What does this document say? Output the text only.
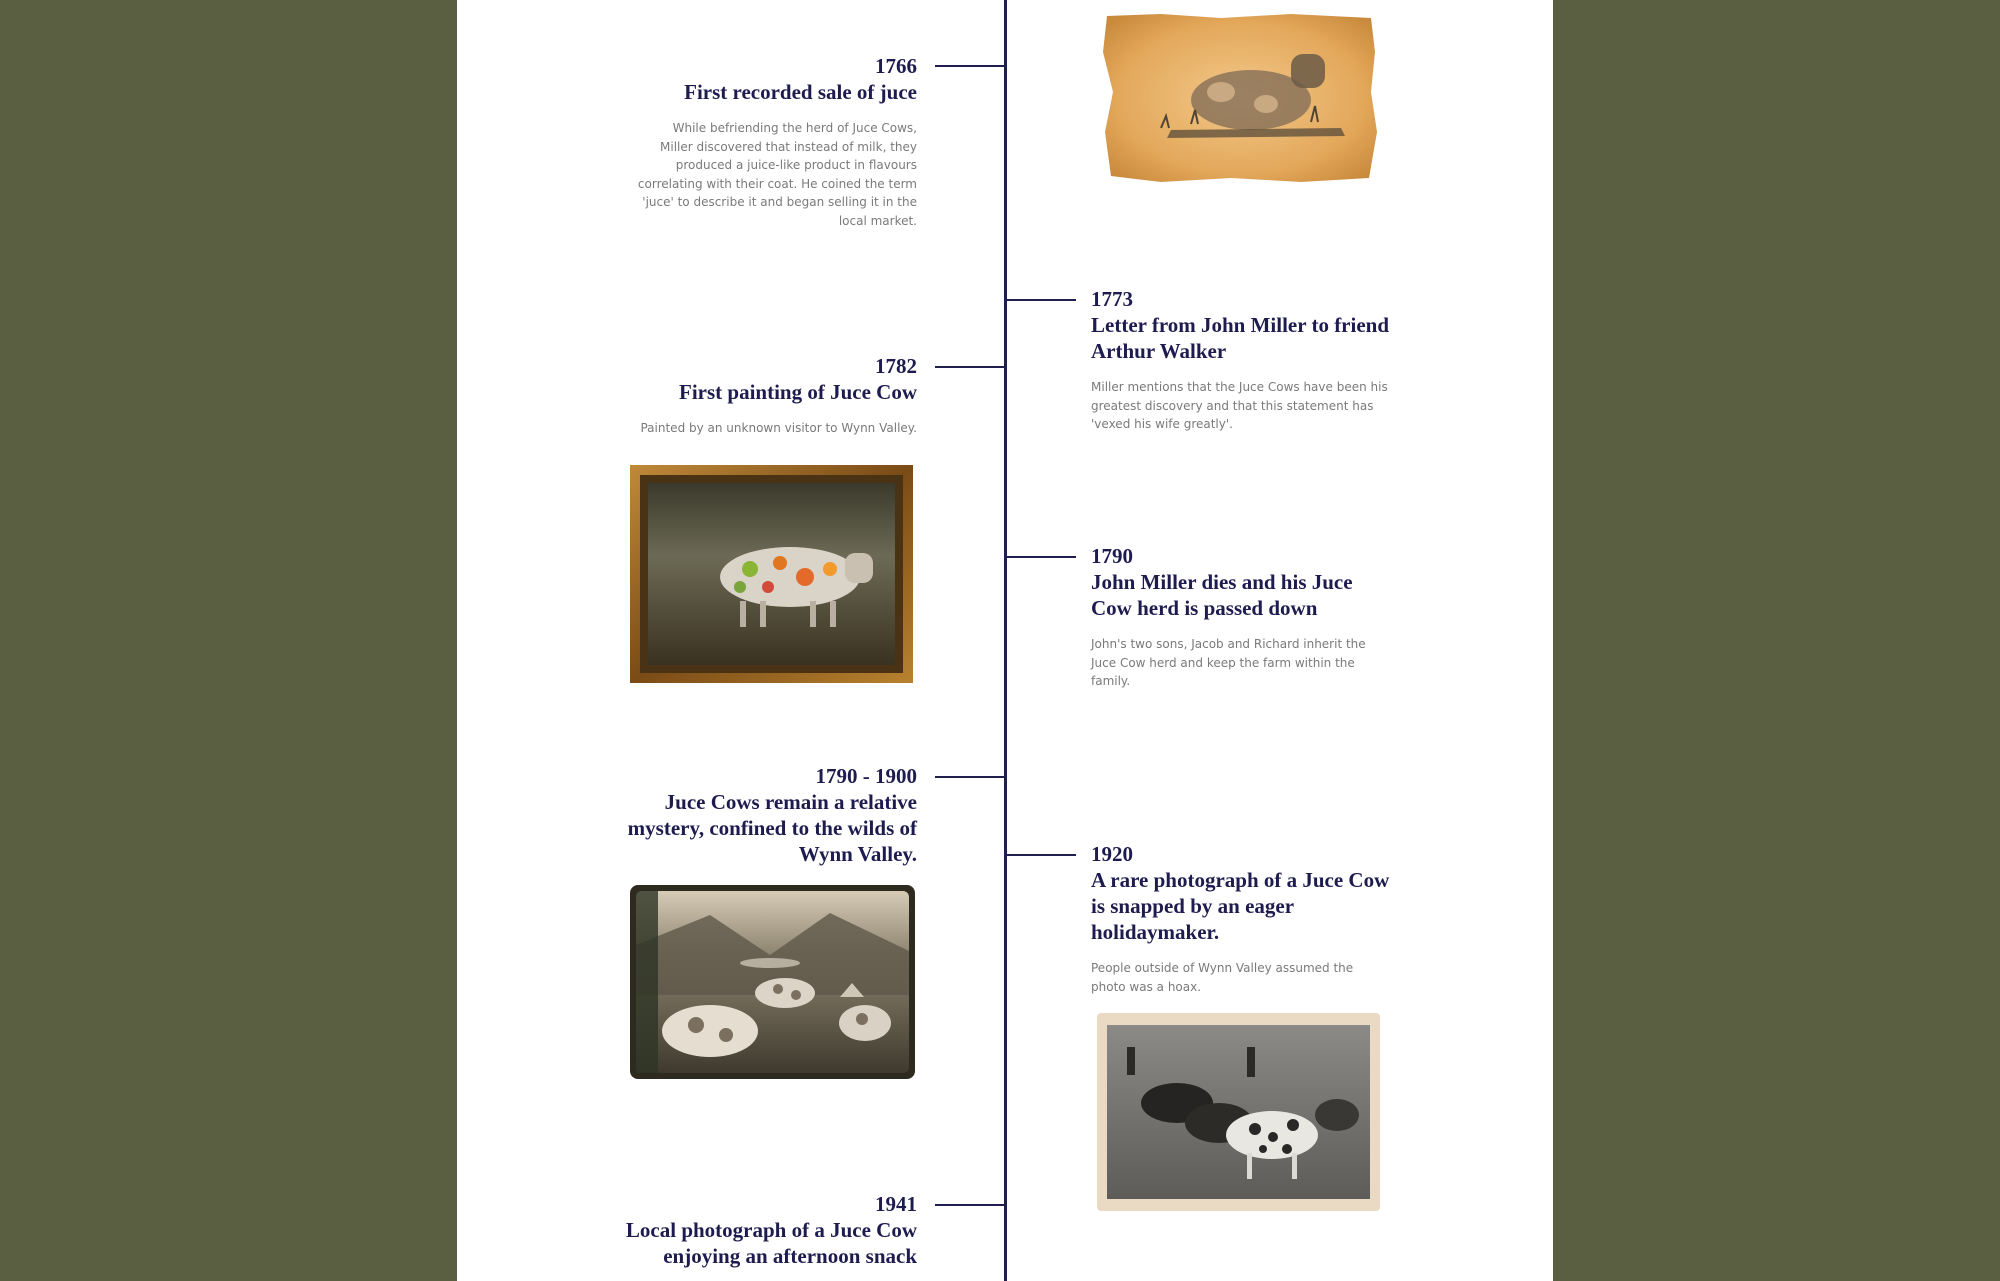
1766
First recorded sale of juce
While befriending the herd of Juce Cows, Miller discovered that instead of milk, they produced a juice-like product in flavours correlating with their coat. He coined the term 'juce' to describe it and began selling it in the local market.
1773
Letter from John Miller to friend Arthur Walker
Miller mentions that the Juce Cows have been his greatest discovery and that this statement has 'vexed his wife greatly'.
1782
First painting of Juce Cow
Painted by an unknown visitor to Wynn Valley.
1790
John Miller dies and his Juce Cow herd is passed down
John's two sons, Jacob and Richard inherit the Juce Cow herd and keep the farm within the family.
1790 - 1900
Juce Cows remain a relative mystery, confined to the wilds of Wynn Valley.	1920
A rare photograph of a Juce Cow is snapped by an eager holidaymaker.
People outside of Wynn Valley assumed the photo was a hoax.
1941
Local photograph of a Juce Cow enjoying an afternoon snack
